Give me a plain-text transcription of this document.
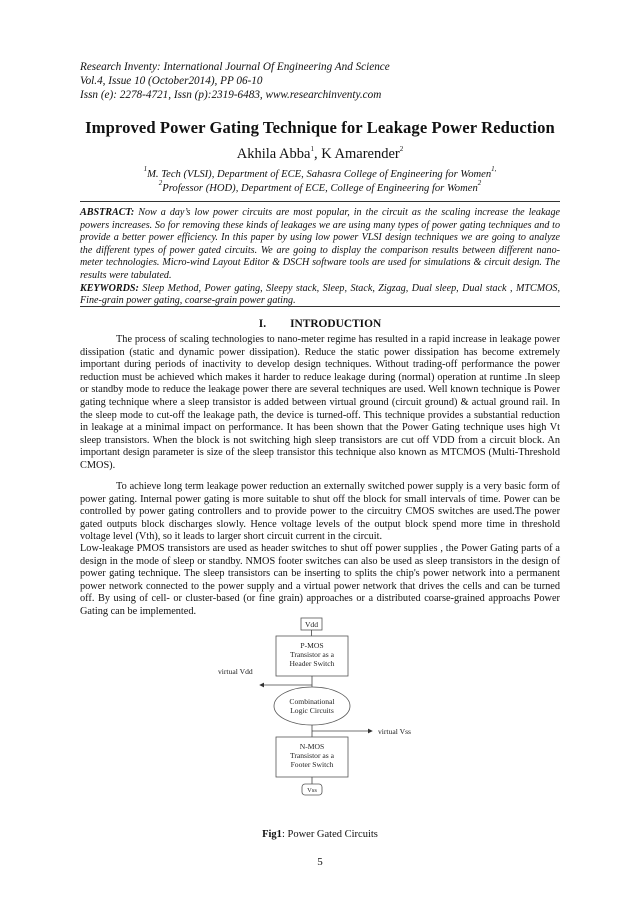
Research Inventy: International Journal Of Engineering And Science
Vol.4, Issue 10 (October2014), PP 06-10
Issn (e): 2278-4721, Issn (p):2319-6483, www.researchinventy.com
Improved Power Gating Technique for Leakage Power Reduction
Akhila Abba$^1$, K Amarender$^2$
$^1$M. Tech (VLSI), Department of ECE, Sahasra College of Engineering for Women$^{1,}$
$^2$Professor (HOD), Department of ECE, College of Engineering for Women$^2$
ABSTRACT: Now a day’s low power circuits are most popular, in the circuit as the scaling increase the leakage powers increases. So for removing these kinds of leakages we are using many types of power gating techniques and to provide a better power efficiency. In this paper by using low power VLSI design techniques we are going to analyze the different types of power gated circuits. We are going to display the comparison results between different nano-meter technologies. Micro-wind Layout Editor & DSCH software tools are used for simulations & circuit design. The results were tabulated.
KEYWORDS: Sleep Method, Power gating, Sleepy stack, Sleep, Stack, Zigzag, Dual sleep, Dual stack , MTCMOS, Fine-grain power gating, coarse-grain power gating.
I. INTRODUCTION

The process of scaling technologies to nano-meter regime has resulted in a rapid increase in leakage power dissipation (static and dynamic power dissipation). Reduce the static power dissipation has become extremely important during periods of inactivity to develop design techniques. Without trading-off performance the power reduction must be achieved which makes it harder to reduce leakage during (normal) operation at runtime .In sleep or standby mode to reduce the leakage power there are several techniques are used. Well known technique is Power gating technique where a sleep transistor is added between virtual ground (circuit ground) & actual ground rail. In the sleep mode to cut-off the leakage path, the device is turned-off. This technique provides a substantial reduction in leakage at a minimal impact on performance. It has been shown that the Power Gating technique uses high Vt sleep transistors. When the block is not switching high sleep transistors are cut off VDD from a circuit block. An important design parameter is size of the sleep transistor this technique also known as MTCMOS (Multi-Threshold CMOS).

To achieve long term leakage power reduction an externally switched power supply is a very basic form of power gating. Internal power gating is more suitable to shut off the block for small intervals of time. Power can be controlled by power gating controllers and to provide power to the circuitry CMOS switches are used.The power gated outputs block discharges slowly. Hence voltage levels of the output block spend more time in threshold voltage level (Vth), so it leads to larger short circuit current in the circuit.

Low-leakage PMOS transistors are used as header switches to shut off power supplies , the Power Gating parts of a design in the mode of sleep or standby. NMOS footer switches can also be used as sleep transistors in the design of power gating technique. The sleep transistors can be inserting to splits the chip's power network into a permanent power network connected to the power supply and a virtual power network that drives the cells and can be turned off. By using of cell- or cluster-based (or fine grain) approaches or a distributed coarse-grained approachs Power Gating can be implemented.

Vdd
P-MOS
Transistor as a
Header Switch
virtual Vdd
Combinational
Logic Circuits
virtual Vss
N-MOS
Transistor as a
Footer Switch
Vss
Fig1: Power Gated Circuits
5
